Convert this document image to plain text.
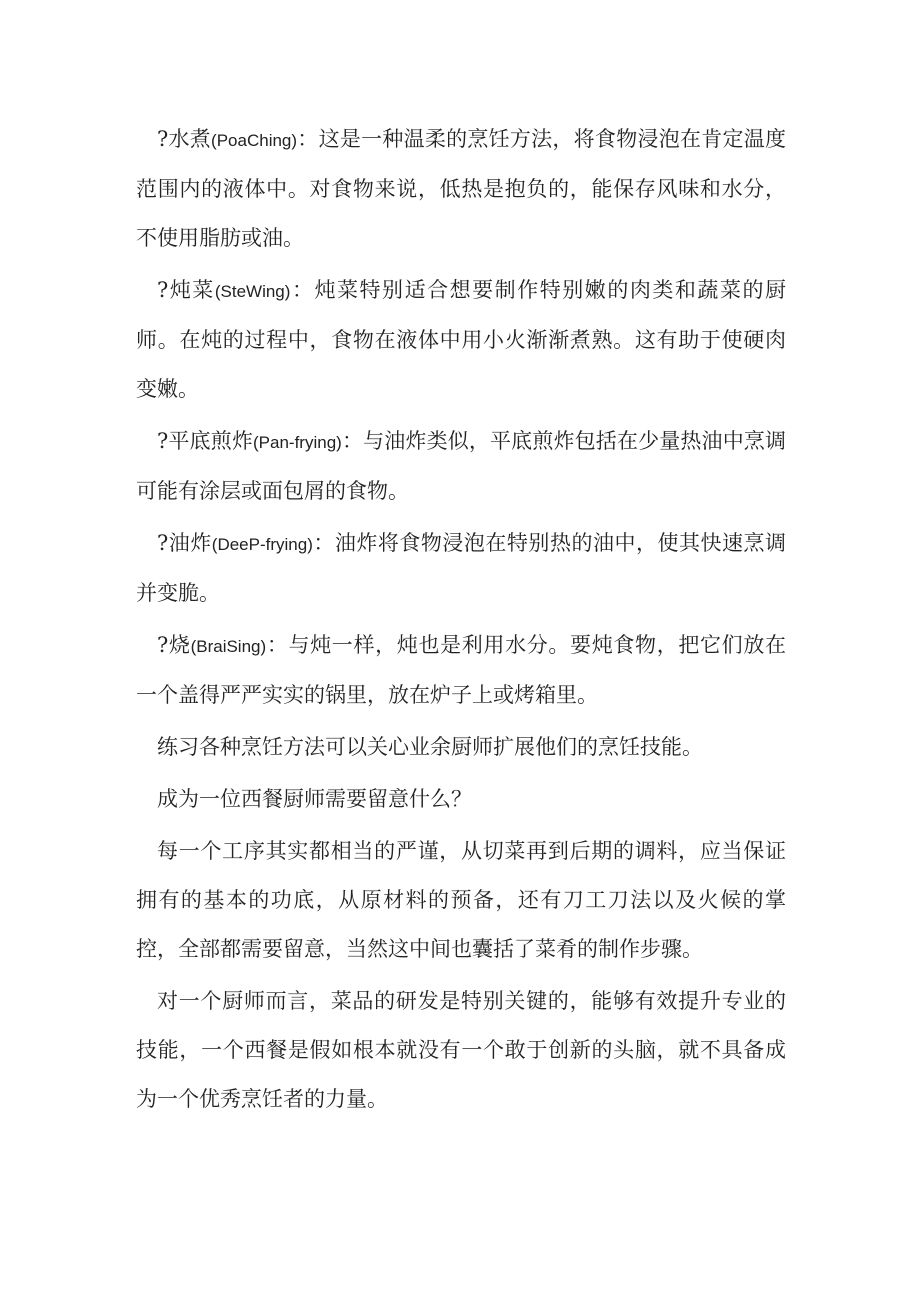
?水煮(PoaChing)：这是一种温柔的烹饪方法，将食物浸泡在肯定温度范围内的液体中。对食物来说，低热是抱负的，能保存风味和水分，不使用脂肪或油。

?炖菜(SteWing)：炖菜特别适合想要制作特别嫩的肉类和蔬菜的厨师。在炖的过程中，食物在液体中用小火渐渐煮熟。这有助于使硬肉变嫩。

?平底煎炸(Pan-frying)：与油炸类似，平底煎炸包括在少量热油中烹调可能有涂层或面包屑的食物。

?油炸(DeeP-frying)：油炸将食物浸泡在特别热的油中，使其快速烹调并变脆。

?烧(BraiSing)：与炖一样，炖也是利用水分。要炖食物，把它们放在一个盖得严严实实的锅里，放在炉子上或烤箱里。

练习各种烹饪方法可以关心业余厨师扩展他们的烹饪技能。

成为一位西餐厨师需要留意什么？

每一个工序其实都相当的严谨，从切菜再到后期的调料，应当保证拥有的基本的功底，从原材料的预备，还有刀工刀法以及火候的掌控，全部都需要留意，当然这中间也囊括了菜肴的制作步骤。

对一个厨师而言，菜品的研发是特别关键的，能够有效提升专业的技能，一个西餐是假如根本就没有一个敢于创新的头脑，就不具备成为一个优秀烹饪者的力量。
